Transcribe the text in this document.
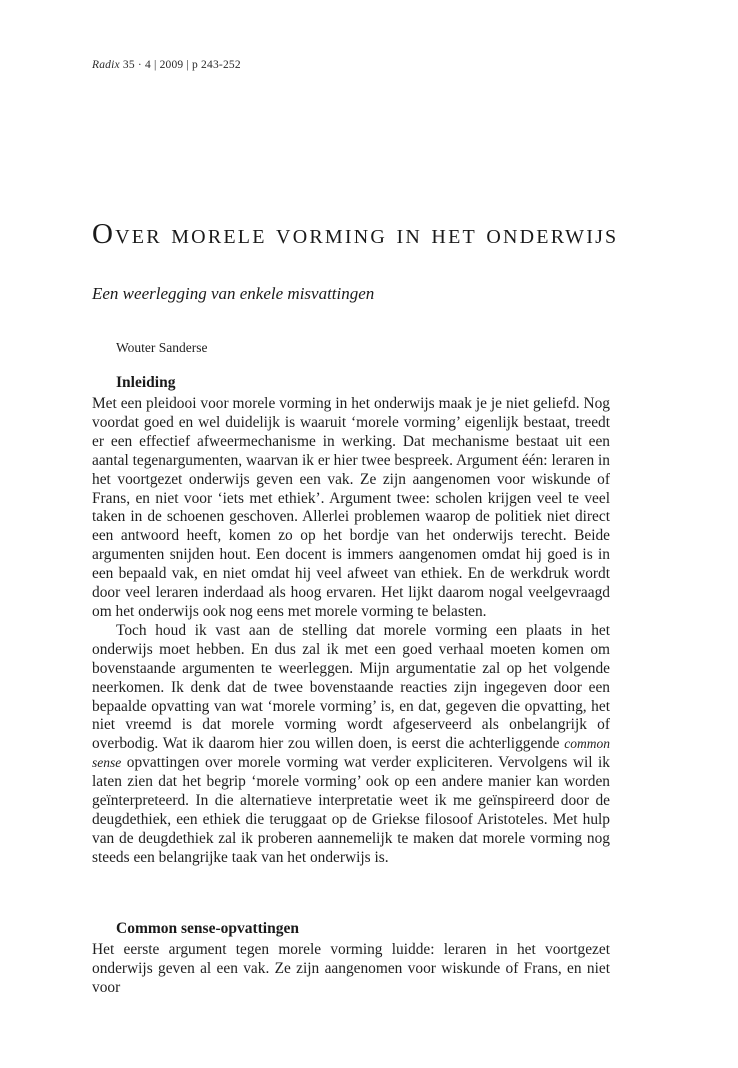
Radix 35 · 4 | 2009 | p 243-252
Over morele vorming in het onderwijs
Een weerlegging van enkele misvattingen
Wouter Sanderse
Inleiding

Met een pleidooi voor morele vorming in het onderwijs maak je je niet geliefd. Nog voordat goed en wel duidelijk is waaruit ‘morele vorming’ eigenlijk bestaat, treedt er een effectief afweermechanisme in werking. Dat mechanisme bestaat uit een aantal tegenargumenten, waarvan ik er hier twee bespreek. Argument één: leraren in het voortgezet onderwijs geven een vak. Ze zijn aangenomen voor wiskunde of Frans, en niet voor ‘iets met ethiek’. Argument twee: scholen krijgen veel te veel taken in de schoenen geschoven. Allerlei problemen waarop de politiek niet direct een antwoord heeft, komen zo op het bordje van het onderwijs terecht. Beide argumenten snijden hout. Een docent is immers aangenomen omdat hij goed is in een bepaald vak, en niet omdat hij veel afweet van ethiek. En de werkdruk wordt door veel leraren inderdaad als hoog ervaren. Het lijkt daarom nogal veelgevraagd om het onderwijs ook nog eens met morele vorming te belasten.

Toch houd ik vast aan de stelling dat morele vorming een plaats in het onderwijs moet hebben. En dus zal ik met een goed verhaal moeten komen om bovenstaande argumenten te weerleggen. Mijn argumentatie zal op het volgende neerkomen. Ik denk dat de twee bovenstaande reacties zijn ingegeven door een bepaalde opvatting van wat ‘morele vorming’ is, en dat, gegeven die opvatting, het niet vreemd is dat morele vorming wordt afgeserveerd als onbelangrijk of overbodig. Wat ik daarom hier zou willen doen, is eerst die achterliggende common sense opvattingen over morele vorming wat verder expliciteren. Vervolgens wil ik laten zien dat het begrip ‘morele vorming’ ook op een andere manier kan worden geïnterpreteerd. In die alternatieve interpretatie weet ik me geïnspireerd door de deugdethiek, een ethiek die teruggaat op de Griekse filosoof Aristoteles. Met hulp van de deugdethiek zal ik proberen aannemelijk te maken dat morele vorming nog steeds een belangrijke taak van het onderwijs is.

Common sense-opvattingen

Het eerste argument tegen morele vorming luidde: leraren in het voortgezet onderwijs geven al een vak. Ze zijn aangenomen voor wiskunde of Frans, en niet voor
